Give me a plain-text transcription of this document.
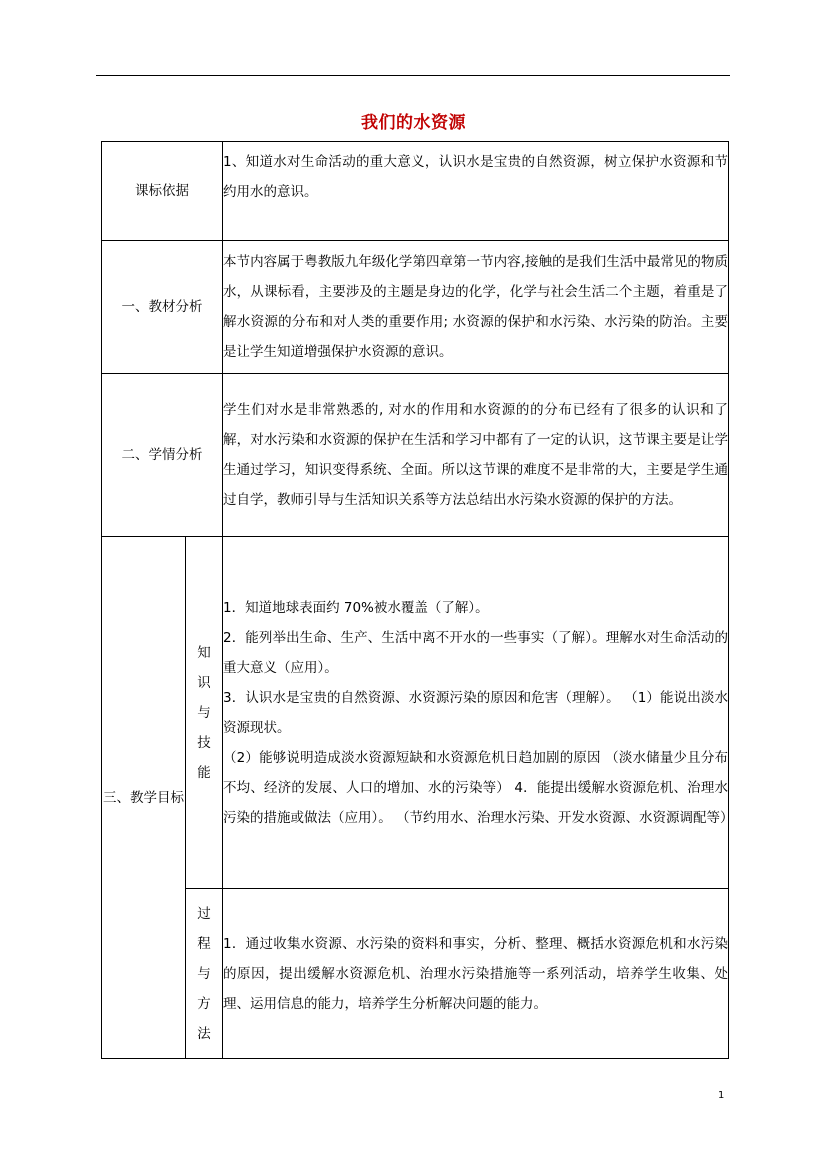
我们的水资源
课标依据		1、知道水对生命活动的重大意义，认识水是宝贵的自然资源，树立保护水资源和节约用水的意识。
一、教材分析		本节内容属于粤教版九年级化学第四章第一节内容,接触的是我们生活中最常见的物质水，从课标看，主要涉及的主题是身边的化学，化学与社会生活二个主题，着重是了解水资源的分布和对人类的重要作用; 水资源的保护和水污染、水污染的防治。主要是让学生知道增强保护水资源的意识。
二、学情分析		学生们对水是非常熟悉的, 对水的作用和水资源的的分布已经有了很多的认识和了解，对水污染和水资源的保护在生活和学习中都有了一定的认识，这节课主要是让学生通过学习，知识变得系统、全面。所以这节课的难度不是非常的大，主要是学生通过自学，教师引导与生活知识关系等方法总结出水污染水资源的保护的方法。
三、教学目标	知识与技能	1．知道地球表面约 70%被水覆盖（了解）。

2．能列举出生命、生产、生活中离不开水的一些事实（了解）。理解水对生命活动的重大意义（应用）。

3．认识水是宝贵的自然资源、水资源污染的原因和危害（理解）。 （1）能说出淡水资源现状。

（2）能够说明造成淡水资源短缺和水资源危机日趋加剧的原因 （淡水储量少且分布不均、经济的发展、人口的增加、水的污染等） 4．能提出缓解水资源危机、治理水污染的措施或做法（应用）。 （节约用水、治理水污染、开发水资源、水资源调配等）

	过程与方法	1．通过收集水资源、水污染的资料和事实，分析、整理、概括水资源危机和水污染的原因，提出缓解水资源危机、治理水污染措施等一系列活动，培养学生收集、处理、运用信息的能力，培养学生分析解决问题的能力。
1
